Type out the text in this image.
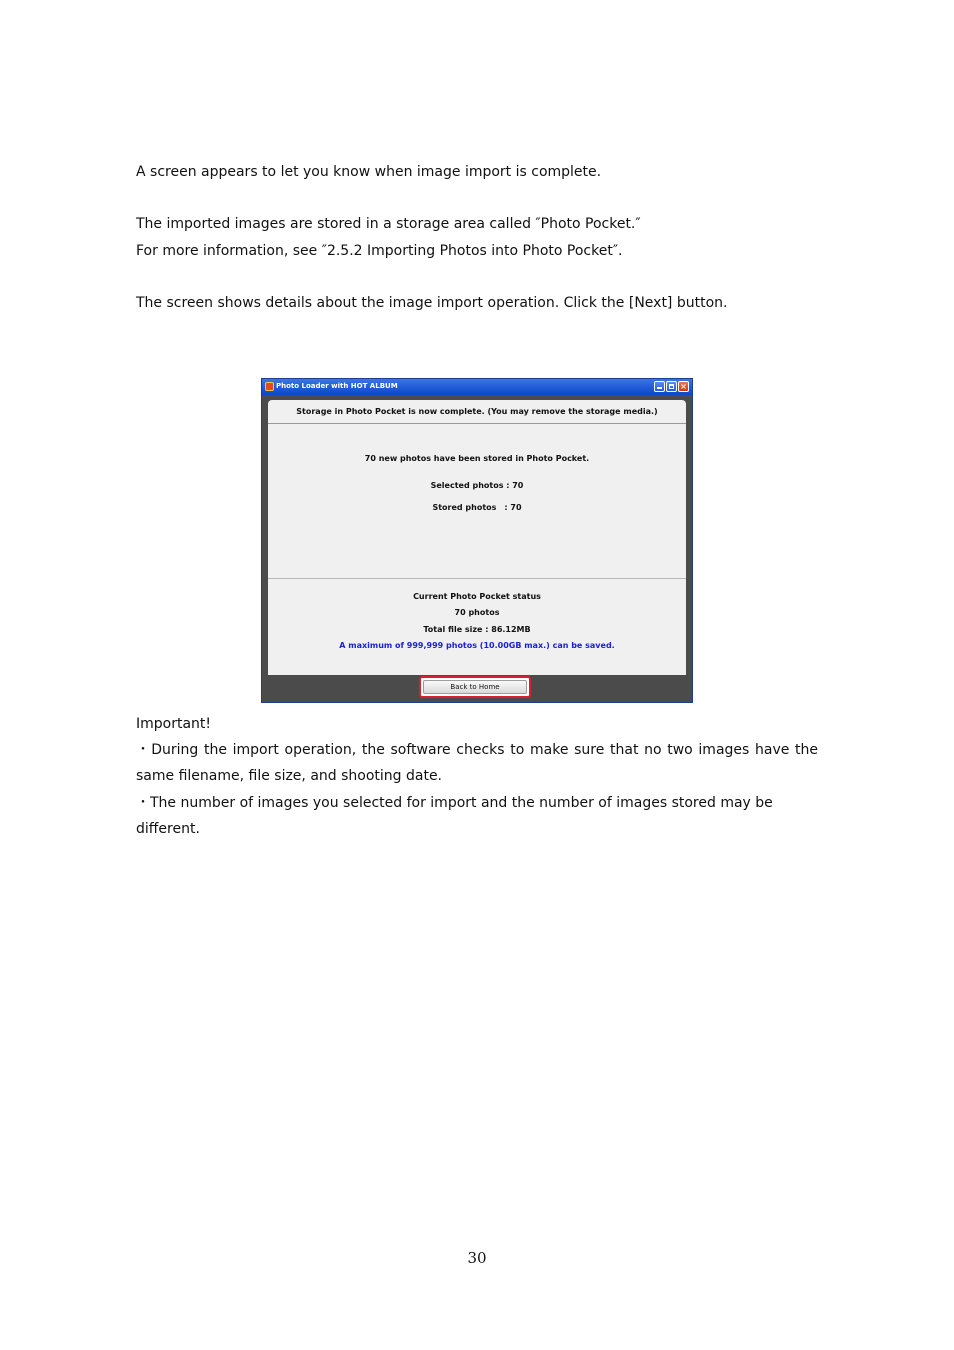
A screen appears to let you know when image import is complete.

The imported images are stored in a storage area called ″Photo Pocket.″

For more information, see ″2.5.2 Importing Photos into Photo Pocket″.

The screen shows details about the image import operation. Click the [Next] button.

Photo Loader with HOT ALBUM	×
Storage in Photo Pocket is now complete. (You may remove the storage media.)
70 new photos have been stored in Photo Pocket.
Selected photos : 70
Stored photos　: 70
Current Photo Pocket status
70 photos
Total file size : 86.12MB
A maximum of 999,999 photos (10.00GB max.) can be saved.
Back to Home

Important!

・During the import operation, the software checks to make sure that no two images have the same filename, file size, and shooting date.

・The number of images you selected for import and the number of images stored may be different.

30
